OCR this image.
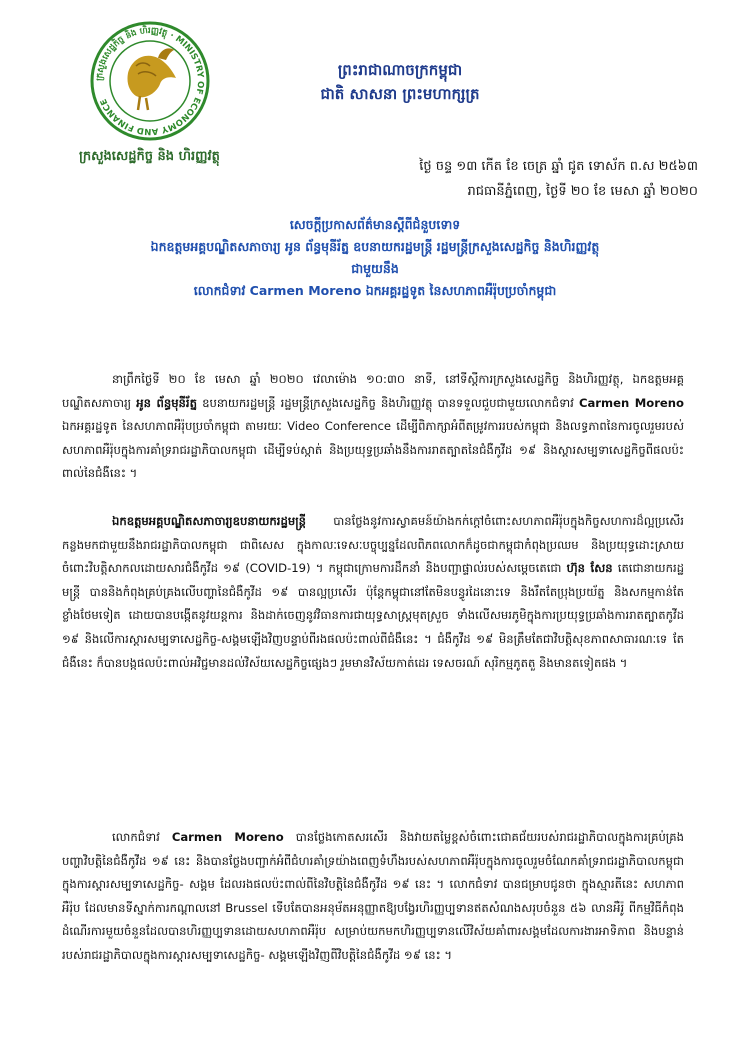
ក្រសួងសេដ្ឋកិច្ច និង ហិរញ្ញវត្ថុ · MINISTRY OF ECONOMY AND FINANCE
ក្រសួងសេដ្ឋកិច្ច និង ហិរញ្ញវត្ថុ
ព្រះរាជាណាចក្រកម្ពុជា
ជាតិ សាសនា ព្រះមហាក្សត្រ
ថ្ងៃ ចន្ទ ១៣ កេីត ខែ ចេត្រ ឆ្នាំ ជូត ទោស័ក ព.ស ២៥៦៣
រាជធានីភ្នំពេញ, ថ្ងៃទី ២០ ខែ មេសា ឆ្នាំ ២០២០
សេចក្តីប្រកាសព័ត៌មានស្តីពីជំនួបទោទ
ឯកឧត្តមអគ្គបណ្ឌិតសភាចារ្យ អូន ព័ន្ធមុនីរ័ត្ន ឧបនាយករដ្ឋមន្ត្រី រដ្ឋមន្ត្រីក្រសួងសេដ្ឋកិច្ច និងហិរញ្ញវត្ថុ
ជាមួយនឹង
លោកជំទាវ Carmen Moreno ឯកអគ្គរដ្ឋទូត នៃសហភាពអឺរ៉ុបប្រចាំកម្ពុជា
នាព្រឹកថ្ងៃទី ២០ ខែ មេសា ឆ្នាំ ២០២០ វេលាម៉ោង ១០:៣០ នាទី, នៅទីស្តីការក្រសួងសេដ្ឋកិច្ច និងហិរញ្ញវត្ថុ, ឯកឧត្តមអគ្គបណ្ឌិតសភាចារ្យ អូន ព័ន្ធមុនីរ័ត្ន ឧបនាយករដ្ឋមន្ត្រី រដ្ឋមន្ត្រីក្រសួងសេដ្ឋកិច្ច និងហិរញ្ញវត្ថុ បានទទួលជួបជាមួយលោកជំទាវ Carmen Moreno ឯកអគ្គរដ្ឋទូត នៃសហភាពអឺរ៉ុបប្រចាំកម្ពុជា តាមរយៈ Video Conference ដើម្បីពិភាក្សាអំពីតម្រូវការរបស់កម្ពុជា និងលទ្ធភាពនៃការចូលរួមរបស់សហភាពអឺរ៉ុបក្នុងការគាំទ្ររាជរដ្ឋាភិបាលកម្ពុជា ដើម្បីទប់ស្កាត់ និងប្រយុទ្ធប្រឆាំងនឹងការរាតត្បាតនៃជំងឺកូវីដ ១៩ និងស្តារសម្បទាសេដ្ឋកិច្ចពីផលប៉ះពាល់នៃជំងឺនេះ ។
ឯកឧត្តមអគ្គបណ្ឌិតសភាចារ្យឧបនាយករដ្ឋមន្ត្រី បានថ្លែងនូវការស្វាគមន៍យ៉ាងកក់ក្តៅចំពោះសហភាពអឺរ៉ុបក្នុងកិច្ចសហការដ៏ល្អប្រសើរកន្លងមកជាមួយនឹងរាជរដ្ឋាភិបាលកម្ពុជា ជាពិសេស ក្នុងកាលៈទេសៈបច្ចុប្បន្នដែលពិភពលោកក៏ដូចជាកម្ពុជាកំពុងប្រឈម និងប្រយុទ្ធដោះស្រាយចំពោះវិបត្តិសាកលដោយសារជំងឺកូវីដ ១៩ (COVID-19) ។ កម្ពុជាក្រោមការដឹកនាំ និងបញ្ជាផ្ទាល់របស់សម្តេចតេជោ ហ៊ុន សែន តេជោនាយករដ្ឋមន្ត្រី បាននិងកំពុងគ្រប់គ្រងលើបញ្ហានៃជំងឺកូវីដ ១៩ បានល្អប្រសើរ ប៉ុន្តែកម្ពុជានៅតែមិនបន្ធូរដៃនោះទេ និងរឹតតែប្រុងប្រយ័ត្ន និងសកម្មកាន់តែខ្លាំងថែមទៀត ដោយបានបង្កើតនូវយន្តការ និងដាក់ចេញនូវវិធានការជាយុទ្ធសាស្ត្រមុតស្រួច ទាំងលើសមរភូមិក្នុងការប្រយុទ្ធប្រឆាំងការរាតត្បាតកូវីដ ១៩ និងលើការស្តារសម្បទាសេដ្ឋកិច្ច-សង្គមឡើងវិញបន្ទាប់ពីរងផលប៉ះពាល់ពីជំងឺនេះ ។ ជំងឺកូវីដ ១៩ មិនត្រឹមតែជាវិបត្តិសុខភាពសាធារណៈទេ តែជំងឺនេះ ក៏បានបង្កផលប៉ះពាល់អវិជ្ជមានដល់វិស័យសេដ្ឋកិច្ចផ្សេងៗ រួមមានវិស័យកាត់ដេរ ទេសចរណ៍ សុរិកម្មភូតតួ និងមានតទៀតផង ។
លោកជំទាវ Carmen Moreno បានថ្លែងកោតសរសើរ និងវាយតម្លៃខ្ពស់ចំពោះជោគជ័យរបស់រាជរដ្ឋាភិបាលក្នុងការគ្រប់គ្រងបញ្ហាវិបត្តិនៃជំងឺកូវីដ ១៩ នេះ និងបានថ្លែងបញ្ជាក់អំពីជំហរគាំទ្រយ៉ាងពេញទំហឹងរបស់សហភាពអឺរ៉ុបក្នុងការចូលរួមចំណែកគាំទ្ររាជរដ្ឋាភិបាលកម្ពុជាក្នុងការស្តារសម្បទាសេដ្ឋកិច្ច- សង្គម ដែលរងផលប៉ះពាល់ពីនៃវិបត្តិនៃជំងឺកូវីដ ១៩ នេះ ។ លោកជំទាវ បានជម្រាបជូនថា ក្នុងស្មារតីនេះ សហភាពអឺរ៉ុប ដែលមានទីស្នាក់ការកណ្តាលនៅ Brussel ទើបតែបានអនុម័តអនុញ្ញាតឱ្យបង្វែរហិរញ្ញប្បទានឥតសំណងសរុបចំនួន ៥៦ លានអឺរ៉ូ ពីកម្មវិធីកំពុងដំណើរការមួយចំនួនដែលបានហិរញ្ញប្បទានដោយសហភាពអឺរ៉ុប សម្រាប់យកមកហិរញ្ញប្បទានលើវិស័យគាំពារសង្គមដែលការងារអាទិភាព និងបន្ទាន់របស់រាជរដ្ឋាភិបាលក្នុងការស្តារសម្បទាសេដ្ឋកិច្ច- សង្គមឡើងវិញពីវិបត្តិនៃជំងឺកូវីដ ១៩ នេះ ។
